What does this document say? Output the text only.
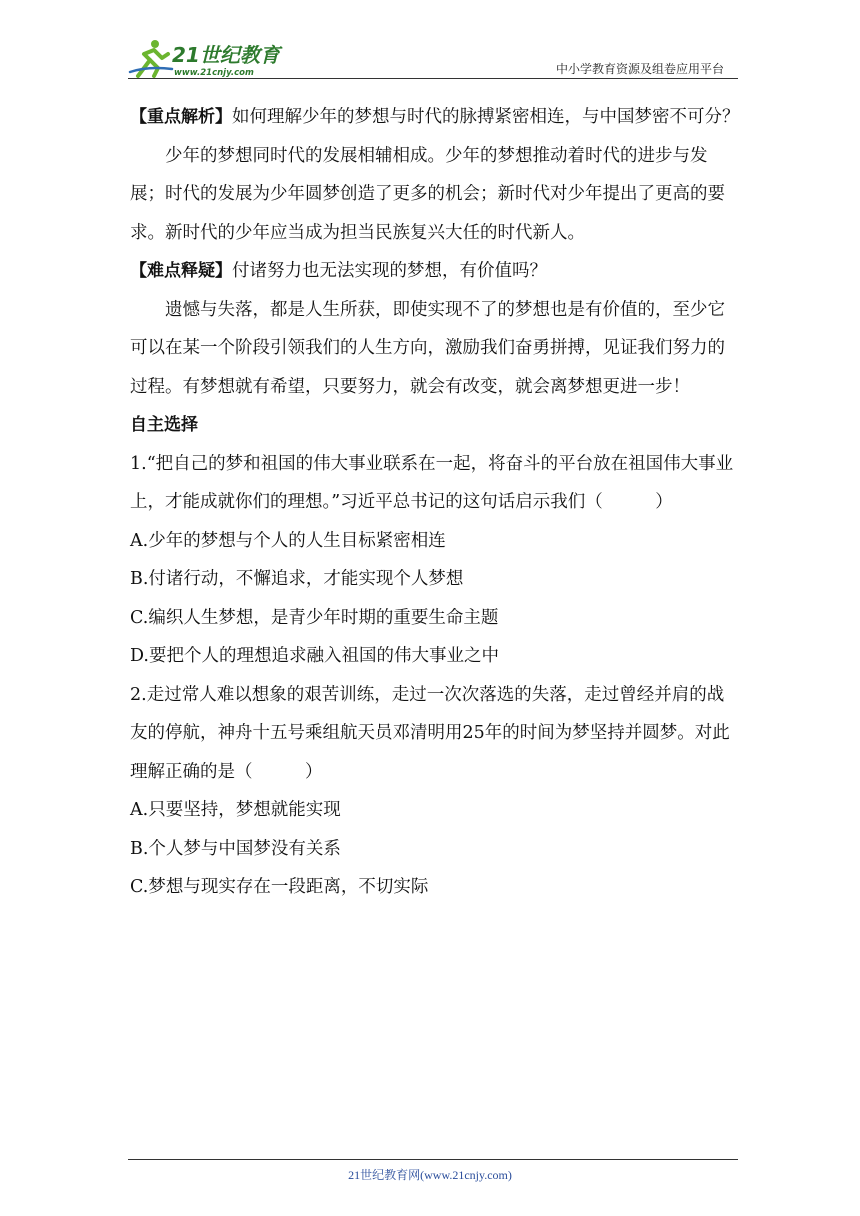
21世纪教育
www.21cnjy.com	中小学教育资源及组卷应用平台

【重点解析】如何理解少年的梦想与时代的脉搏紧密相连，与中国梦密不可分？

少年的梦想同时代的发展相辅相成。少年的梦想推动着时代的进步与发展；时代的发展为少年圆梦创造了更多的机会；新时代对少年提出了更高的要求。新时代的少年应当成为担当民族复兴大任的时代新人。

【难点释疑】付诸努力也无法实现的梦想，有价值吗？

遗憾与失落，都是人生所获，即使实现不了的梦想也是有价值的，至少它可以在某一个阶段引领我们的人生方向，激励我们奋勇拼搏，见证我们努力的过程。有梦想就有希望，只要努力，就会有改变，就会离梦想更进一步！

自主选择

1.“把自己的梦和祖国的伟大事业联系在一起，将奋斗的平台放在祖国伟大事业上，才能成就你们的理想。”习近平总书记的这句话启示我们（　　　）

A.少年的梦想与个人的人生目标紧密相连

B.付诸行动，不懈追求，才能实现个人梦想

C.编织人生梦想，是青少年时期的重要生命主题

D.要把个人的理想追求融入祖国的伟大事业之中

2.走过常人难以想象的艰苦训练，走过一次次落选的失落，走过曾经并肩的战友的停航，神舟十五号乘组航天员邓清明用25年的时间为梦坚持并圆梦。对此理解正确的是（　　　）

A.只要坚持，梦想就能实现

B.个人梦与中国梦没有关系

C.梦想与现实存在一段距离，不切实际

21世纪教育网(www.21cnjy.com)
